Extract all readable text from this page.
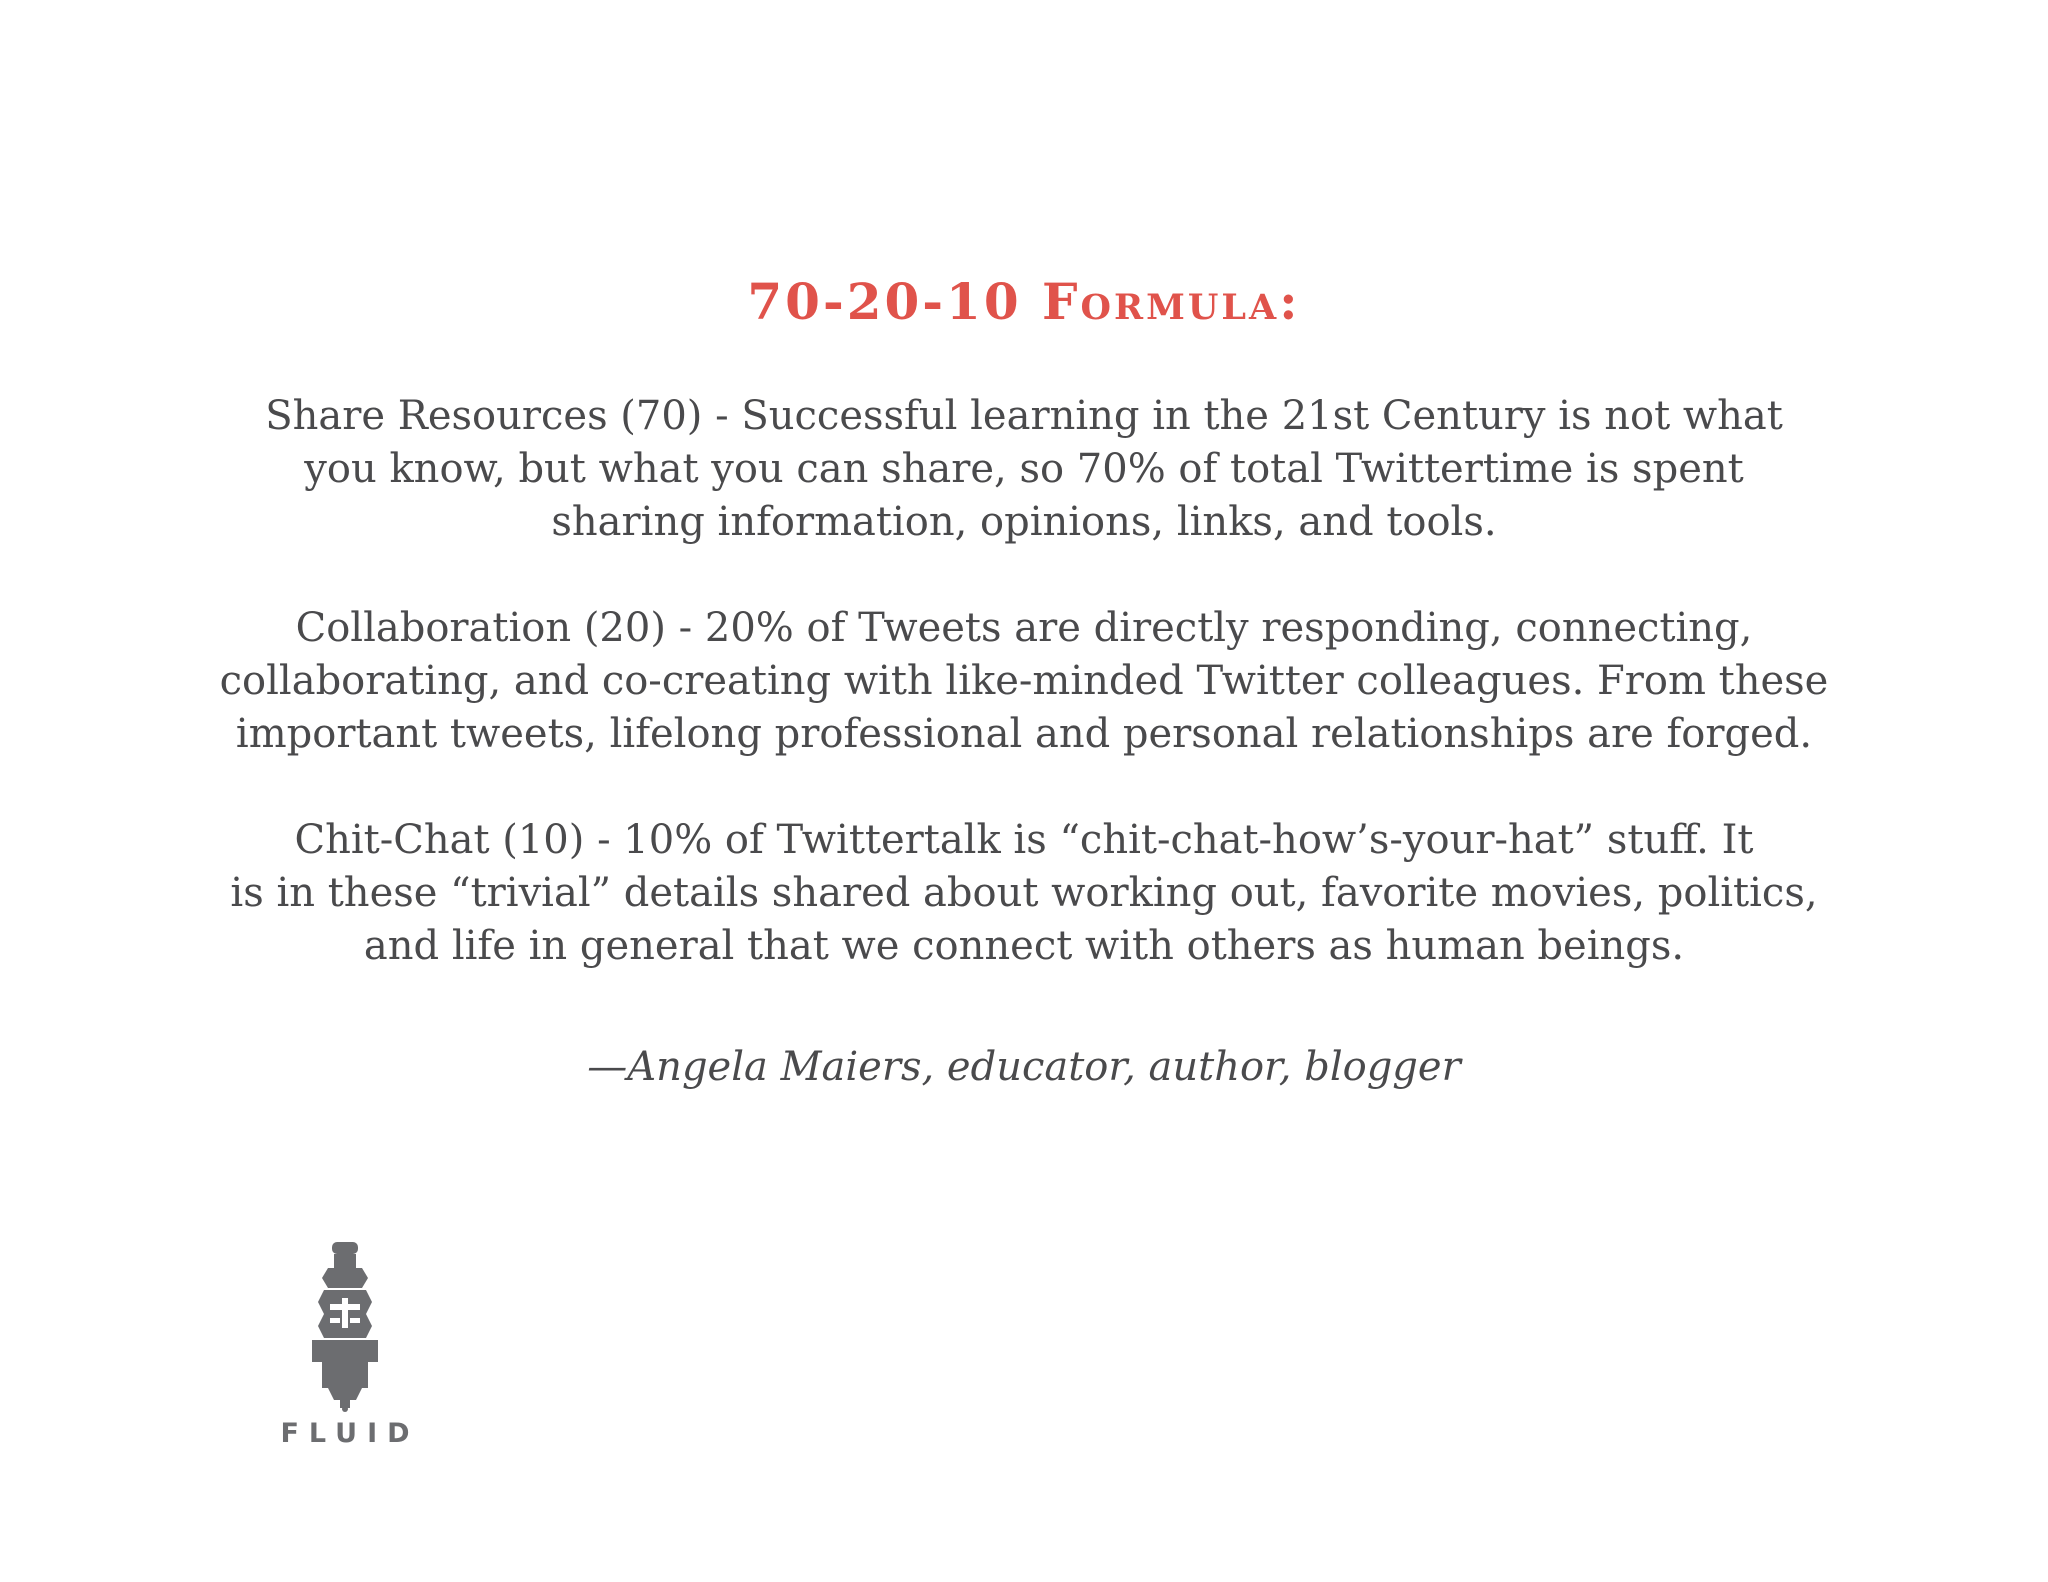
70-20-10 Formula:

Share Resources (70) - Successful learning in the 21st Century is not what
you know, but what you can share, so 70% of total Twittertime is spent
sharing information, opinions, links, and tools.

Collaboration (20) - 20% of Tweets are directly responding, connecting,
collaborating, and co-creating with like-minded Twitter colleagues. From these
important tweets, lifelong professional and personal relationships are forged.

Chit-Chat (10) - 10% of Twittertalk is “chit-chat-how’s-your-hat” stuff. It
is in these “trivial” details shared about working out, favorite movies, politics,
and life in general that we connect with others as human beings.

—Angela Maiers, educator, author, blogger

FLUID
